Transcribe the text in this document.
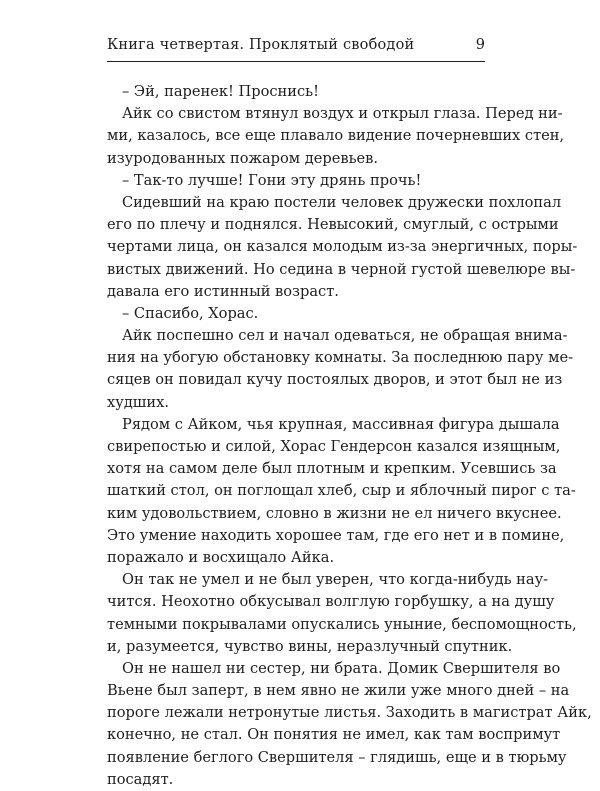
Книга четвертая. Проклятый свободой	9
– Эй, паренек! Проснись!
Айк со свистом втянул воздух и открыл глаза. Перед ни-
ми, казалось, все еще плавало видение почерневших стен,
изуродованных пожаром деревьев.
– Так-то лучше! Гони эту дрянь прочь!
Сидевший на краю постели человек дружески похлопал
его по плечу и поднялся. Невысокий, смуглый, с острыми
чертами лица, он казался молодым из-за энергичных, поры-
вистых движений. Но седина в черной густой шевелюре вы-
давала его истинный возраст.
– Спасибо, Хорас.
Айк поспешно сел и начал одеваться, не обращая внима-
ния на убогую обстановку комнаты. За последнюю пару ме-
сяцев он повидал кучу постоялых дворов, и этот был не из
худших.
Рядом с Айком, чья крупная, массивная фигура дышала
свирепостью и силой, Хорас Гендерсон казался изящным,
хотя на самом деле был плотным и крепким. Усевшись за
шаткий стол, он поглощал хлеб, сыр и яблочный пирог с та-
ким удовольствием, словно в жизни не ел ничего вкуснее.
Это умение находить хорошее там, где его нет и в помине,
поражало и восхищало Айка.
Он так не умел и не был уверен, что когда-нибудь нау-
чится. Неохотно обкусывал волглую горбушку, а на душу
темными покрывалами опускались уныние, беспомощность,
и, разумеется, чувство вины, неразлучный спутник.
Он не нашел ни сестер, ни брата. Домик Свершителя во
Вьене был заперт, в нем явно не жили уже много дней – на
пороге лежали нетронутые листья. Заходить в магистрат Айк,
конечно, не стал. Он понятия не имел, как там воспримут
появление беглого Свершителя – глядишь, еще и в тюрьму
посадят.
